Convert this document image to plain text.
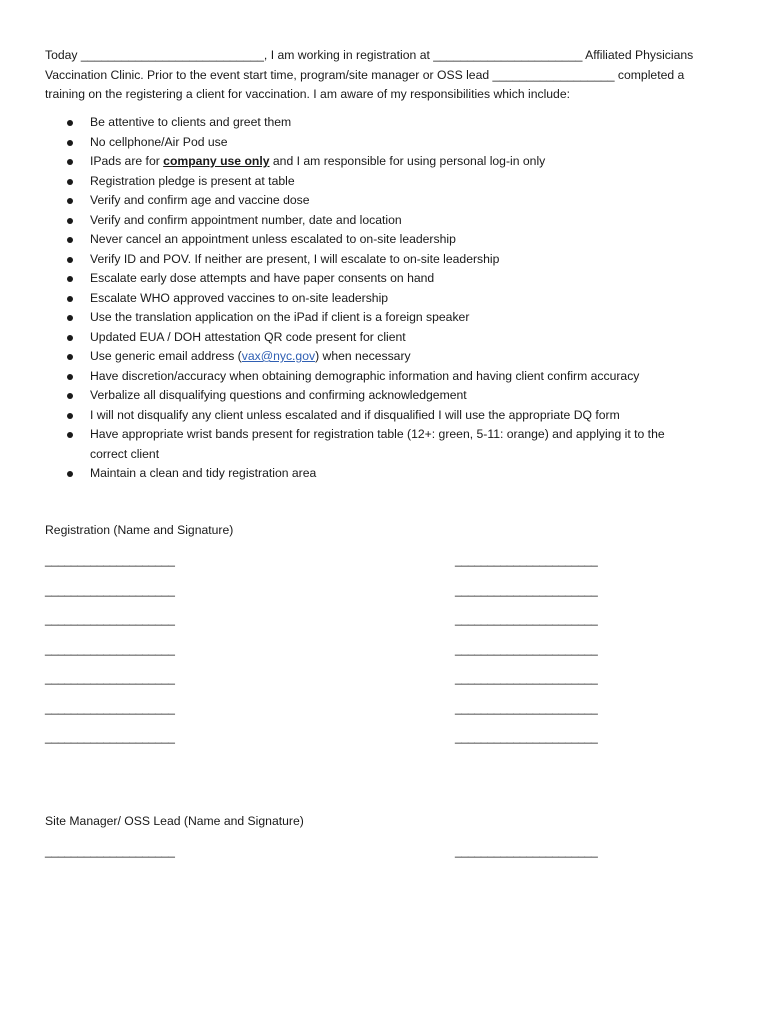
Today ___________________________, I am working in registration at ______________________ Affiliated Physicians
Vaccination Clinic. Prior to the event start time, program/site manager or OSS lead __________________ completed a
training on the registering a client for vaccination. I am aware of my responsibilities which include:
Be attentive to clients and greet them
No cellphone/Air Pod use
IPads are for company use only and I am responsible for using personal log-in only
Registration pledge is present at table
Verify and confirm age and vaccine dose
Verify and confirm appointment number, date and location
Never cancel an appointment unless escalated to on-site leadership
Verify ID and POV. If neither are present, I will escalate to on-site leadership
Escalate early dose attempts and have paper consents on hand
Escalate WHO approved vaccines to on-site leadership
Use the translation application on the iPad if client is a foreign speaker
Updated EUA / DOH attestation QR code present for client
Use generic email address (vax@nyc.gov) when necessary
Have discretion/accuracy when obtaining demographic information and having client confirm accuracy
Verbalize all disqualifying questions and confirming acknowledgement
I will not disqualify any client unless escalated and if disqualified I will use the appropriate DQ form
Have appropriate wrist bands present for registration table (12+: green, 5-11: orange) and applying it to the
correct client
Maintain a clean and tidy registration area
Registration (Name and Signature)
____________________	______________________
____________________	______________________
____________________	______________________
____________________	______________________
____________________	______________________
____________________	______________________
____________________	______________________
Site Manager/ OSS Lead (Name and Signature)
____________________	______________________
